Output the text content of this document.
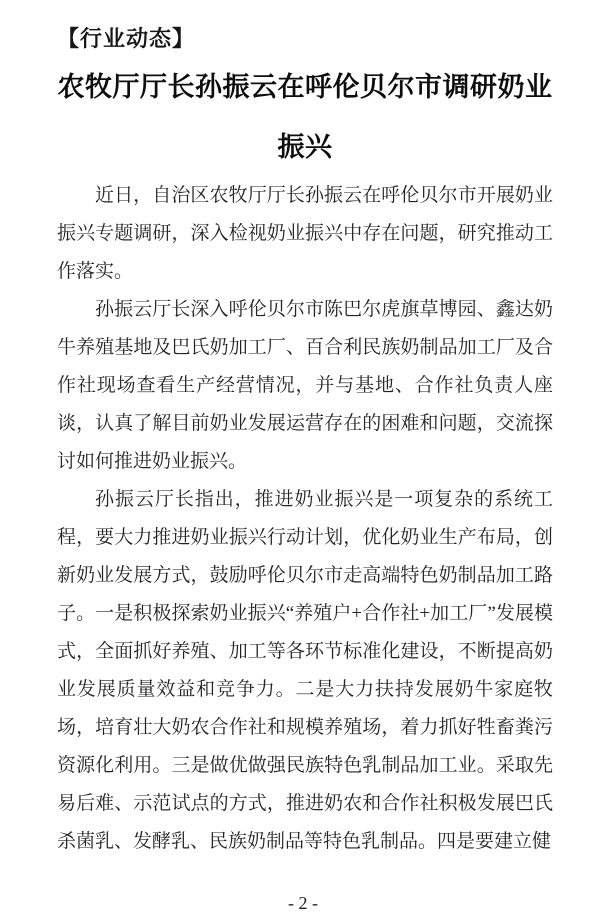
【行业动态】
农牧厅厅长孙振云在呼伦贝尔市调研奶业振兴

近日，自治区农牧厅厅长孙振云在呼伦贝尔市开展奶业振兴专题调研，深入检视奶业振兴中存在问题，研究推动工作落实。

孙振云厅长深入呼伦贝尔市陈巴尔虎旗草博园、鑫达奶牛养殖基地及巴氏奶加工厂、百合利民族奶制品加工厂及合作社现场查看生产经营情况，并与基地、合作社负责人座谈，认真了解目前奶业发展运营存在的困难和问题，交流探讨如何推进奶业振兴。

孙振云厅长指出，推进奶业振兴是一项复杂的系统工程，要大力推进奶业振兴行动计划，优化奶业生产布局，创新奶业发展方式，鼓励呼伦贝尔市走高端特色奶制品加工路子。一是积极探索奶业振兴“养殖户+合作社+加工厂”发展模式，全面抓好养殖、加工等各环节标准化建设，不断提高奶业发展质量效益和竞争力。二是大力扶持发展奶牛家庭牧场，培育壮大奶农合作社和规模养殖场，着力抓好牲畜粪污资源化利用。三是做优做强民族特色乳制品加工业。采取先易后难、示范试点的方式，推进奶农和合作社积极发展巴氏杀菌乳、发酵乳、民族奶制品等特色乳制品。四是要建立健

- 2 -
